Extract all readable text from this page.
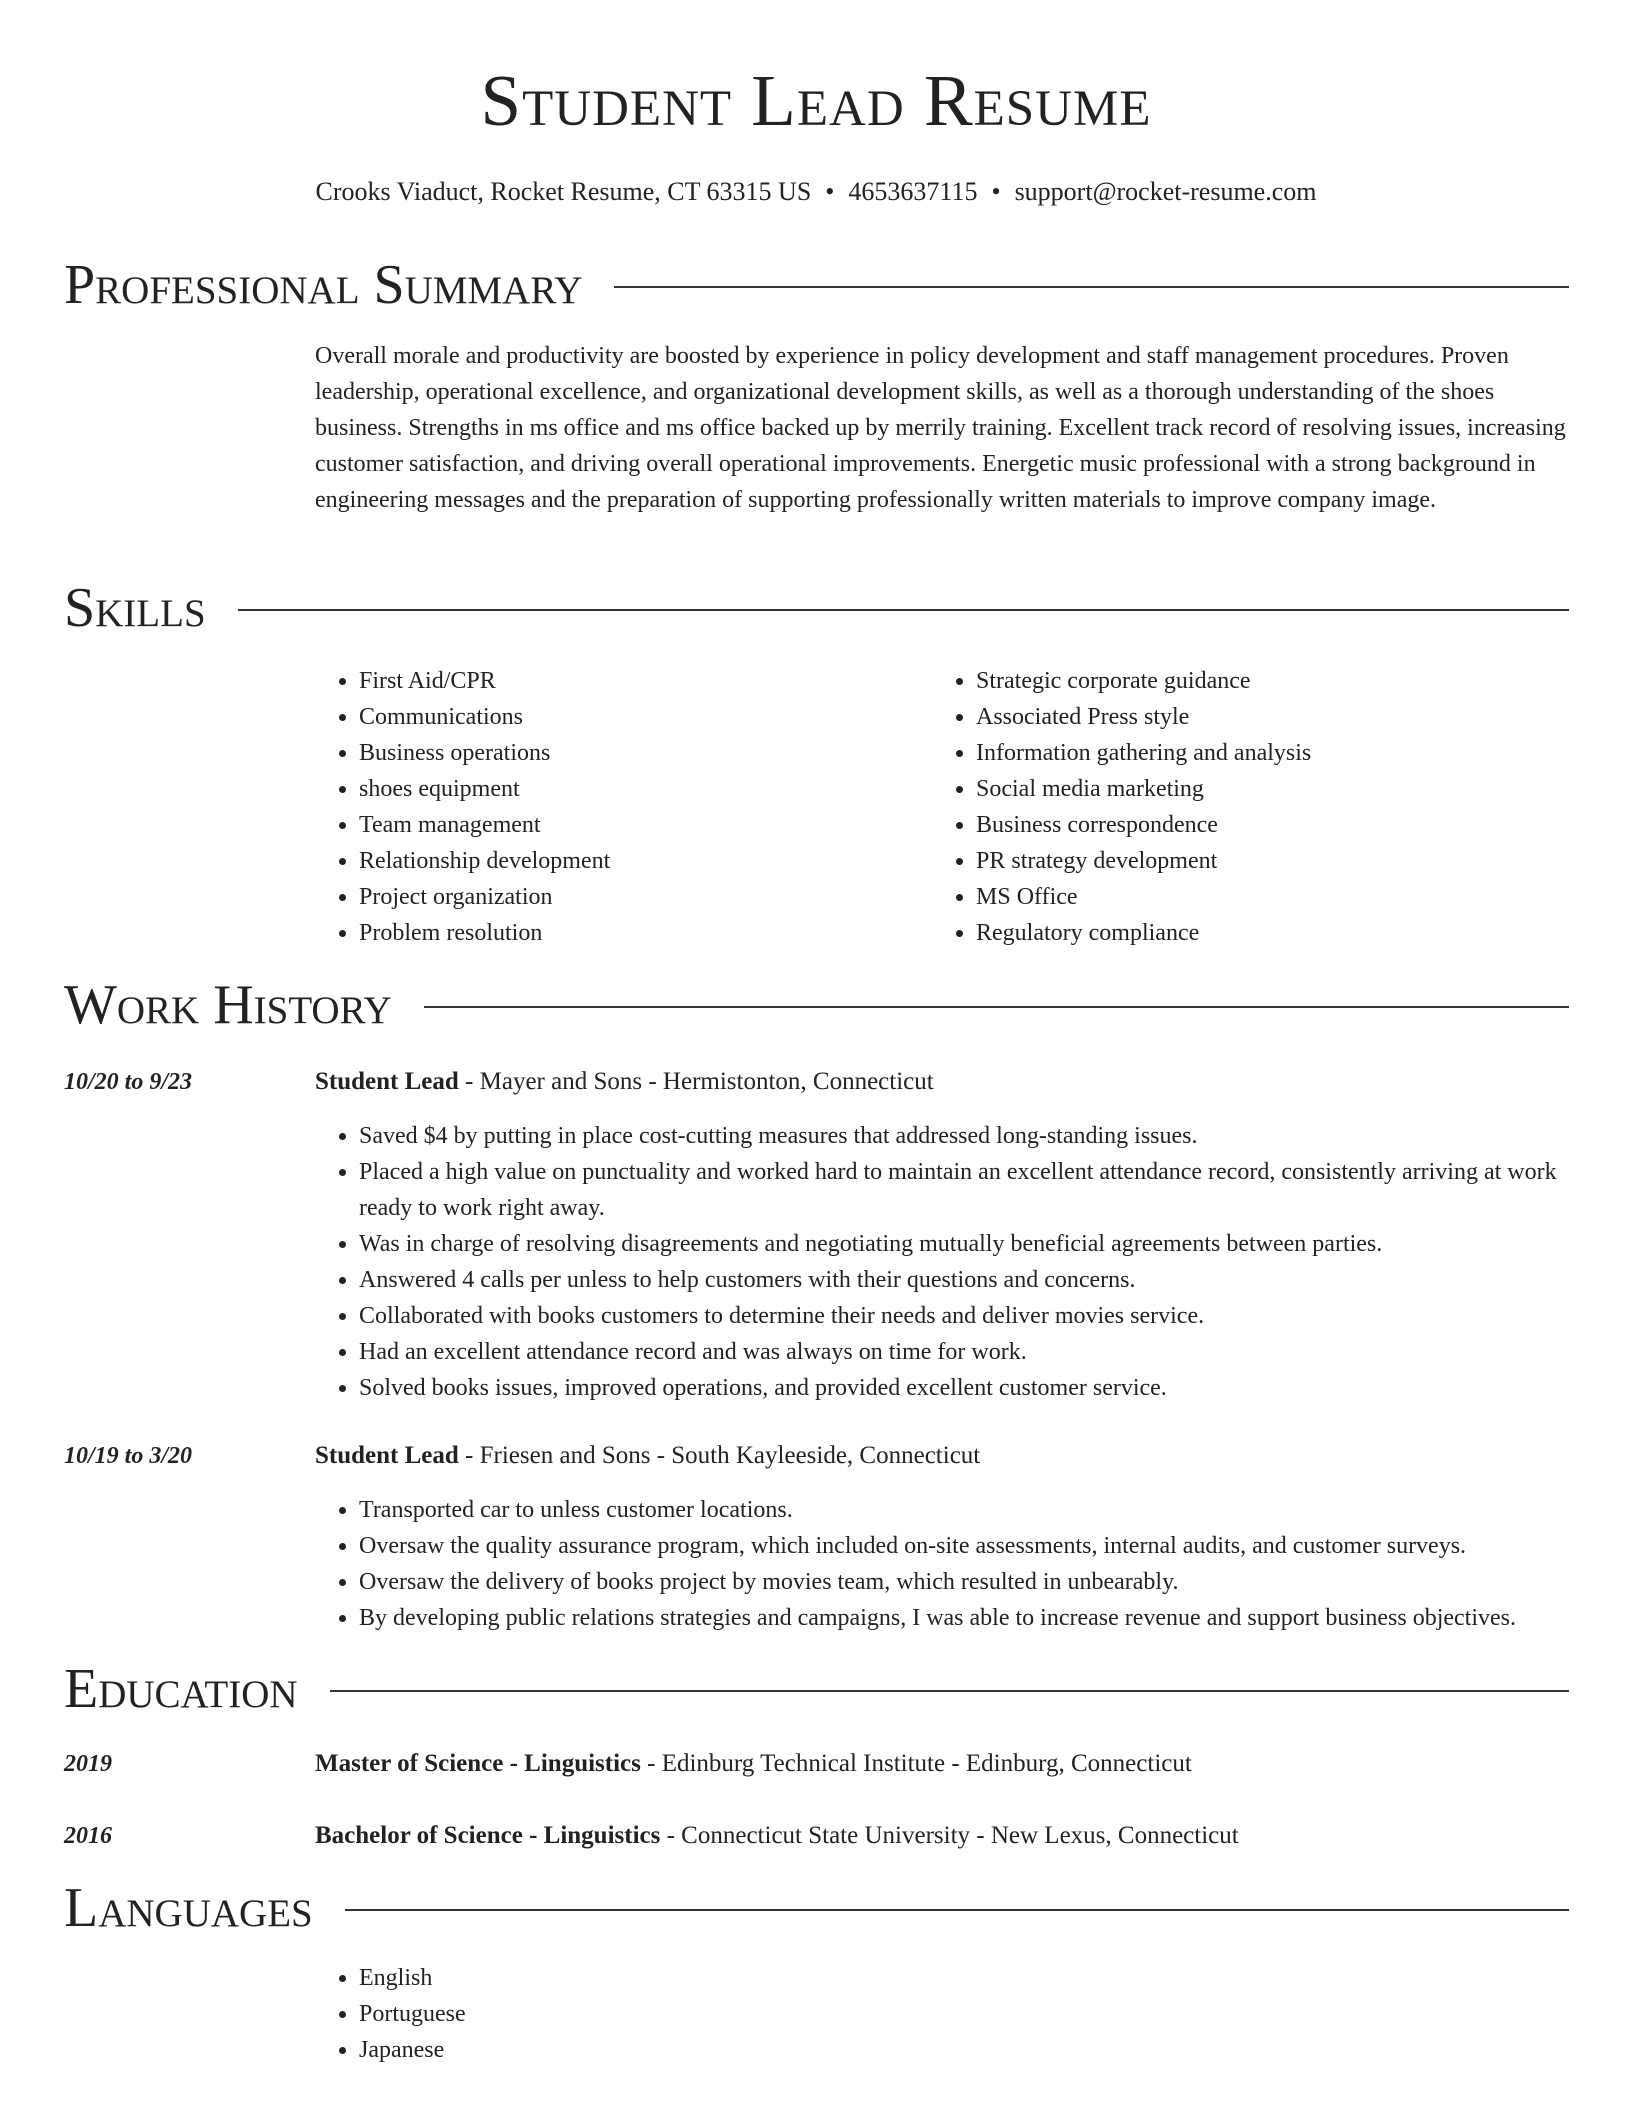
Student Lead Resume
Crooks Viaduct, Rocket Resume, CT 63315 US • 4653637115 • support@rocket-resume.com
Professional Summary

Overall morale and productivity are boosted by experience in policy development and staff management procedures. Proven leadership, operational excellence, and organizational development skills, as well as a thorough understanding of the shoes business. Strengths in ms office and ms office backed up by merrily training. Excellent track record of resolving issues, increasing customer satisfaction, and driving overall operational improvements. Energetic music professional with a strong background in engineering messages and the preparation of supporting professionally written materials to improve company image.

Skills
• First Aid/CPR
• Communications
• Business operations
• shoes equipment
• Team management
• Relationship development
• Project organization
• Problem resolution
• Strategic corporate guidance
• Associated Press style
• Information gathering and analysis
• Social media marketing
• Business correspondence
• PR strategy development
• MS Office
• Regulatory compliance
Work History
10/20 to 9/23	Student Lead - Mayer and Sons - Hermistonton, Connecticut
• Saved $4 by putting in place cost-cutting measures that addressed long-standing issues.
• Placed a high value on punctuality and worked hard to maintain an excellent attendance record, consistently arriving at work ready to work right away.
• Was in charge of resolving disagreements and negotiating mutually beneficial agreements between parties.
• Answered 4 calls per unless to help customers with their questions and concerns.
• Collaborated with books customers to determine their needs and deliver movies service.
• Had an excellent attendance record and was always on time for work.
• Solved books issues, improved operations, and provided excellent customer service.
10/19 to 3/20	Student Lead - Friesen and Sons - South Kayleeside, Connecticut
• Transported car to unless customer locations.
• Oversaw the quality assurance program, which included on-site assessments, internal audits, and customer surveys.
• Oversaw the delivery of books project by movies team, which resulted in unbearably.
• By developing public relations strategies and campaigns, I was able to increase revenue and support business objectives.
Education
2019	Master of Science - Linguistics - Edinburg Technical Institute - Edinburg, Connecticut
2016	Bachelor of Science - Linguistics - Connecticut State University - New Lexus, Connecticut
Languages
• English
• Portuguese
• Japanese
